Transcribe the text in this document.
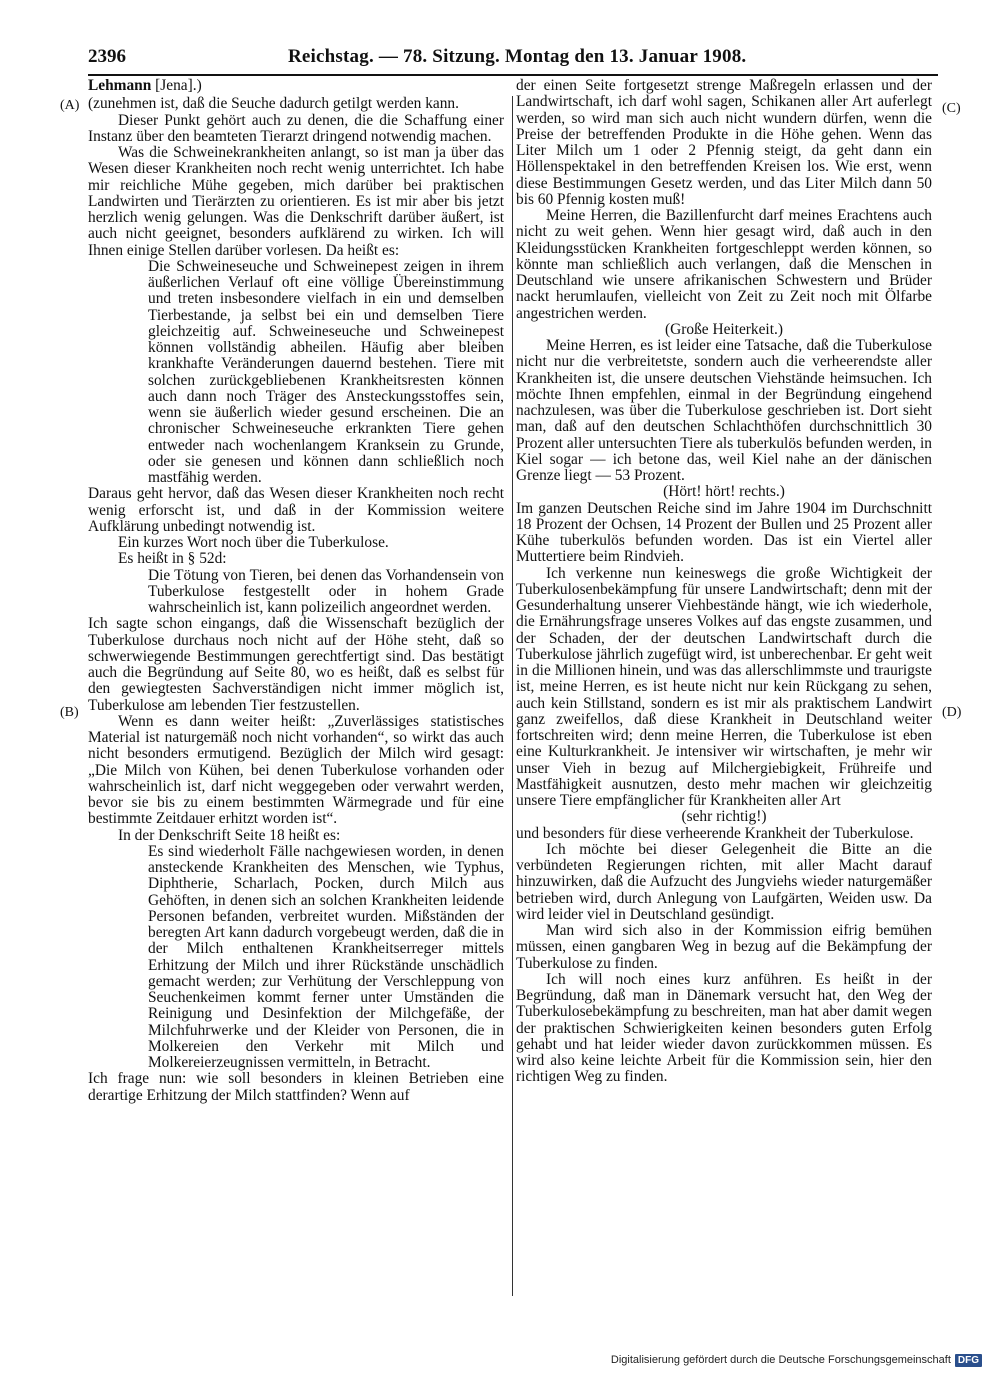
2396	Reichstag. — 78. Sitzung. Montag den 13. Januar 1908.
(A)
(B)
(C)
(D)
Lehmann [Jena].)

(zunehmen ist, daß die Seuche dadurch getilgt werden kann.

Dieser Punkt gehört auch zu denen, die die Schaffung einer Instanz über den beamteten Tierarzt dringend notwendig machen.

Was die Schweinekrankheiten anlangt, so ist man ja über das Wesen dieser Krankheiten noch recht wenig unterrichtet. Ich habe mir reichliche Mühe gegeben, mich darüber bei praktischen Landwirten und Tierärzten zu orientieren. Es ist mir aber bis jetzt herzlich wenig gelungen. Was die Denkschrift darüber äußert, ist auch nicht geeignet, besonders aufklärend zu wirken. Ich will Ihnen einige Stellen darüber vorlesen. Da heißt es:

Die Schweineseuche und Schweinepest zeigen in ihrem äußerlichen Verlauf oft eine völlige Übereinstimmung und treten insbesondere vielfach in ein und demselben Tierbestande, ja selbst bei ein und demselben Tiere gleichzeitig auf. Schweineseuche und Schweinepest können vollständig abheilen. Häufig aber bleiben krankhafte Veränderungen dauernd bestehen. Tiere mit solchen zurückgebliebenen Krankheitsresten können auch dann noch Träger des Ansteckungsstoffes sein, wenn sie äußerlich wieder gesund erscheinen. Die an chronischer Schweineseuche erkrankten Tiere gehen entweder nach wochenlangem Kranksein zu Grunde, oder sie genesen und können dann schließlich noch mastfähig werden.

Daraus geht hervor, daß das Wesen dieser Krankheiten noch recht wenig erforscht ist, und daß in der Kommission weitere Aufklärung unbedingt notwendig ist.

Ein kurzes Wort noch über die Tuberkulose.

Es heißt in § 52d:

Die Tötung von Tieren, bei denen das Vorhandensein von Tuberkulose festgestellt oder in hohem Grade wahrscheinlich ist, kann polizeilich angeordnet werden.

Ich sagte schon eingangs, daß die Wissenschaft bezüglich der Tuberkulose durchaus noch nicht auf der Höhe steht, daß so schwerwiegende Bestimmungen gerechtfertigt sind. Das bestätigt auch die Begründung auf Seite 80, wo es heißt, daß es selbst für den gewiegtesten Sachverständigen nicht immer möglich ist, Tuberkulose am lebenden Tier festzustellen.

Wenn es dann weiter heißt: „Zuverlässiges statistisches Material ist naturgemäß noch nicht vorhanden“, so wirkt das auch nicht besonders ermutigend. Bezüglich der Milch wird gesagt: „Die Milch von Kühen, bei denen Tuberkulose vorhanden oder wahrscheinlich ist, darf nicht weggegeben oder verwahrt werden, bevor sie bis zu einem bestimmten Wärmegrade und für eine bestimmte Zeitdauer erhitzt worden ist“.

In der Denkschrift Seite 18 heißt es:

Es sind wiederholt Fälle nachgewiesen worden, in denen ansteckende Krankheiten des Menschen, wie Typhus, Diphtherie, Scharlach, Pocken, durch Milch aus Gehöften, in denen sich an solchen Krankheiten leidende Personen befanden, verbreitet wurden. Mißständen der beregten Art kann dadurch vorgebeugt werden, daß die in der Milch enthaltenen Krankheitserreger mittels Erhitzung der Milch und ihrer Rückstände unschädlich gemacht werden; zur Verhütung der Verschleppung von Seuchenkeimen kommt ferner unter Umständen die Reinigung und Desinfektion der Milchgefäße, der Milchfuhrwerke und der Kleider von Personen, die in Molkereien den Verkehr mit Milch und Molkereierzeugnissen vermitteln, in Betracht.

Ich frage nun: wie soll besonders in kleinen Betrieben eine derartige Erhitzung der Milch stattfinden? Wenn auf

der einen Seite fortgesetzt strenge Maßregeln erlassen und der Landwirtschaft, ich darf wohl sagen, Schikanen aller Art auferlegt werden, so wird man sich auch nicht wundern dürfen, wenn die Preise der betreffenden Produkte in die Höhe gehen. Wenn das Liter Milch um 1 oder 2 Pfennig steigt, da geht dann ein Höllenspektakel in den betreffenden Kreisen los. Wie erst, wenn diese Bestimmungen Gesetz werden, und das Liter Milch dann 50 bis 60 Pfennig kosten muß!

Meine Herren, die Bazillenfurcht darf meines Erachtens auch nicht zu weit gehen. Wenn hier gesagt wird, daß auch in den Kleidungsstücken Krankheiten fortgeschleppt werden können, so könnte man schließlich auch verlangen, daß die Menschen in Deutschland wie unsere afrikanischen Schwestern und Brüder nackt herumlaufen, vielleicht von Zeit zu Zeit noch mit Ölfarbe angestrichen werden.

(Große Heiterkeit.)

Meine Herren, es ist leider eine Tatsache, daß die Tuberkulose nicht nur die verbreitetste, sondern auch die verheerendste aller Krankheiten ist, die unsere deutschen Viehstände heimsuchen. Ich möchte Ihnen empfehlen, einmal in der Begründung eingehend nachzulesen, was über die Tuberkulose geschrieben ist. Dort sieht man, daß auf den deutschen Schlachthöfen durchschnittlich 30 Prozent aller untersuchten Tiere als tuberkulös befunden werden, in Kiel sogar — ich betone das, weil Kiel nahe an der dänischen Grenze liegt — 53 Prozent.

(Hört! hört! rechts.)

Im ganzen Deutschen Reiche sind im Jahre 1904 im Durchschnitt 18 Prozent der Ochsen, 14 Prozent der Bullen und 25 Prozent aller Kühe tuberkulös befunden worden. Das ist ein Viertel aller Muttertiere beim Rindvieh.

Ich verkenne nun keineswegs die große Wichtigkeit der Tuberkulosenbekämpfung für unsere Landwirtschaft; denn mit der Gesunderhaltung unserer Viehbestände hängt, wie ich wiederhole, die Ernährungsfrage unseres Volkes auf das engste zusammen, und der Schaden, der der deutschen Landwirtschaft durch die Tuberkulose jährlich zugefügt wird, ist unberechenbar. Er geht weit in die Millionen hinein, und was das allerschlimmste und traurigste ist, meine Herren, es ist heute nicht nur kein Rückgang zu sehen, auch kein Stillstand, sondern es ist mir als praktischem Landwirt ganz zweifellos, daß diese Krankheit in Deutschland weiter fortschreiten wird; denn meine Herren, die Tuberkulose ist eben eine Kulturkrankheit. Je intensiver wir wirtschaften, je mehr wir unser Vieh in bezug auf Milchergiebigkeit, Frühreife und Mastfähigkeit ausnutzen, desto mehr machen wir gleichzeitig unsere Tiere empfänglicher für Krankheiten aller Art

(sehr richtig!)

und besonders für diese verheerende Krankheit der Tuberkulose.

Ich möchte bei dieser Gelegenheit die Bitte an die verbündeten Regierungen richten, mit aller Macht darauf hinzuwirken, daß die Aufzucht des Jungviehs wieder naturgemäßer betrieben wird, durch Anlegung von Laufgärten, Weiden usw. Da wird leider viel in Deutschland gesündigt.

Man wird sich also in der Kommission eifrig bemühen müssen, einen gangbaren Weg in bezug auf die Bekämpfung der Tuberkulose zu finden.

Ich will noch eines kurz anführen. Es heißt in der Begründung, daß man in Dänemark versucht hat, den Weg der Tuberkulosebekämpfung zu beschreiten, man hat aber damit wegen der praktischen Schwierigkeiten keinen besonders guten Erfolg gehabt und hat leider wieder davon zurückkommen müssen. Es wird also keine leichte Arbeit für die Kommission sein, hier den richtigen Weg zu finden.

Digitalisierung gefördert durch die Deutsche Forschungsgemeinschaft DFG
